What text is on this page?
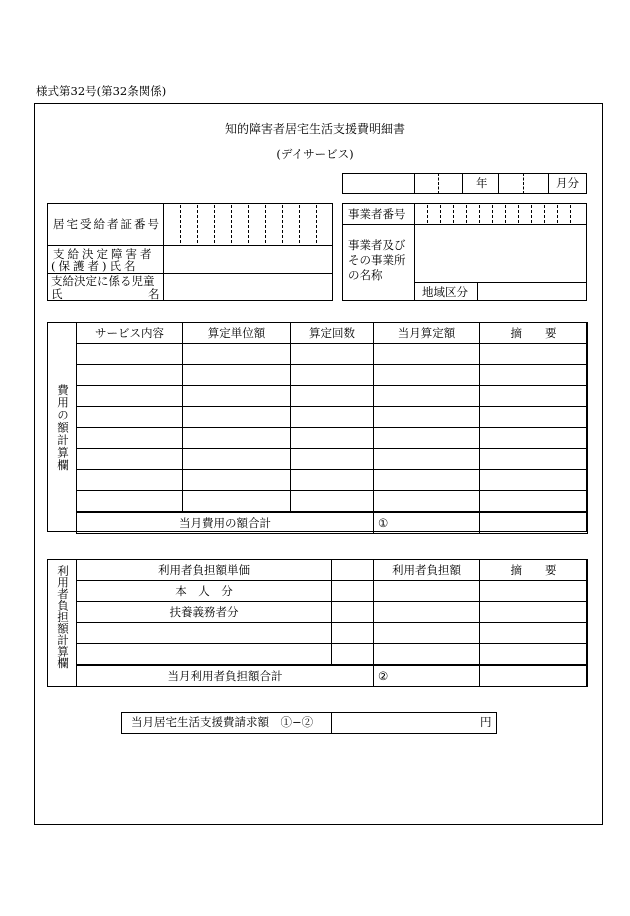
様式第32号(第32条関係)
知的障害者居宅生活支援費明細書
(デイサービス)
年	月分
居宅受給者証番号
支給決定障害者
(保護者)氏名
支給決定に係る児童
氏	名
事業者番号
事業者及び
その事業所
の名称
地域区分
費用の額計算欄
サービス内容	算定単位額	算定回数	当月算定額	摘　　要

当月費用の額合計			①	
利用者負担額計算欄	利用者負担額単価		利用者負担額	摘　　要
本　人　分			
扶養義務者分			

当月利用者負担額合計		②	
当月居宅生活支援費請求額　①−②	円
